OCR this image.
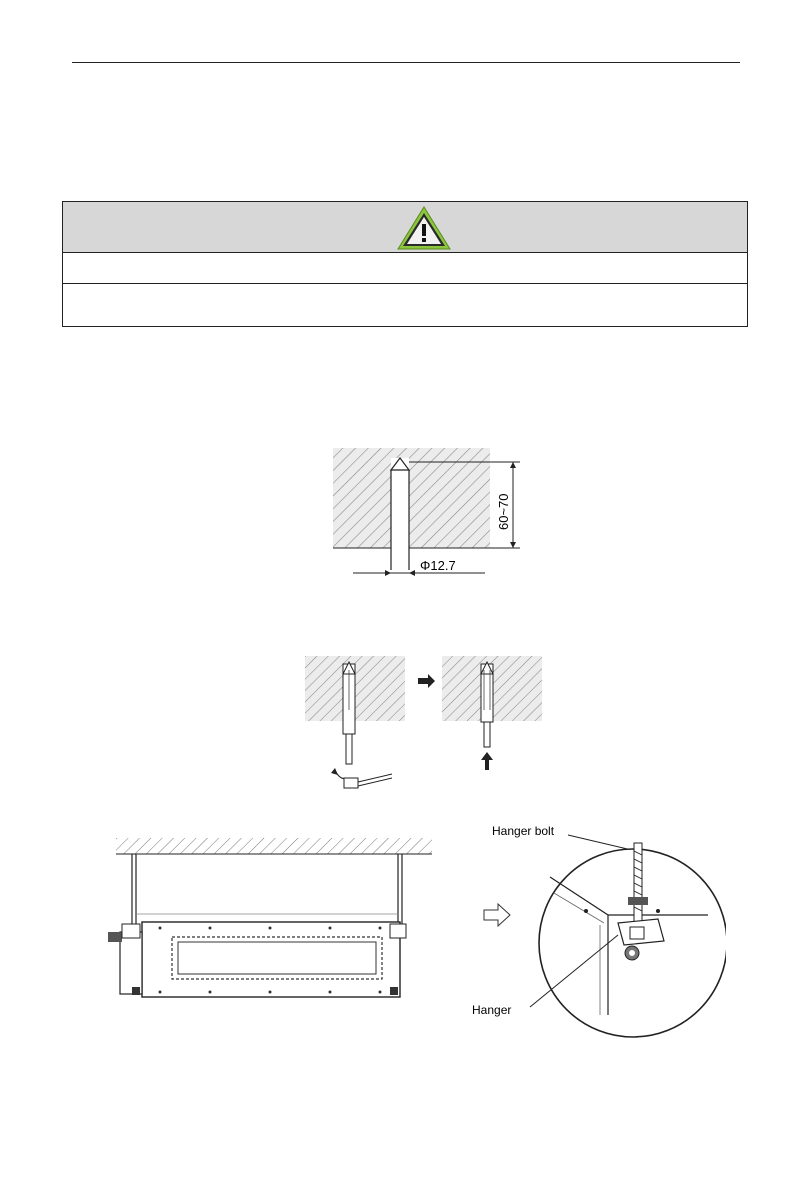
60~70
Φ12.7
Hanger bolt
Hanger
